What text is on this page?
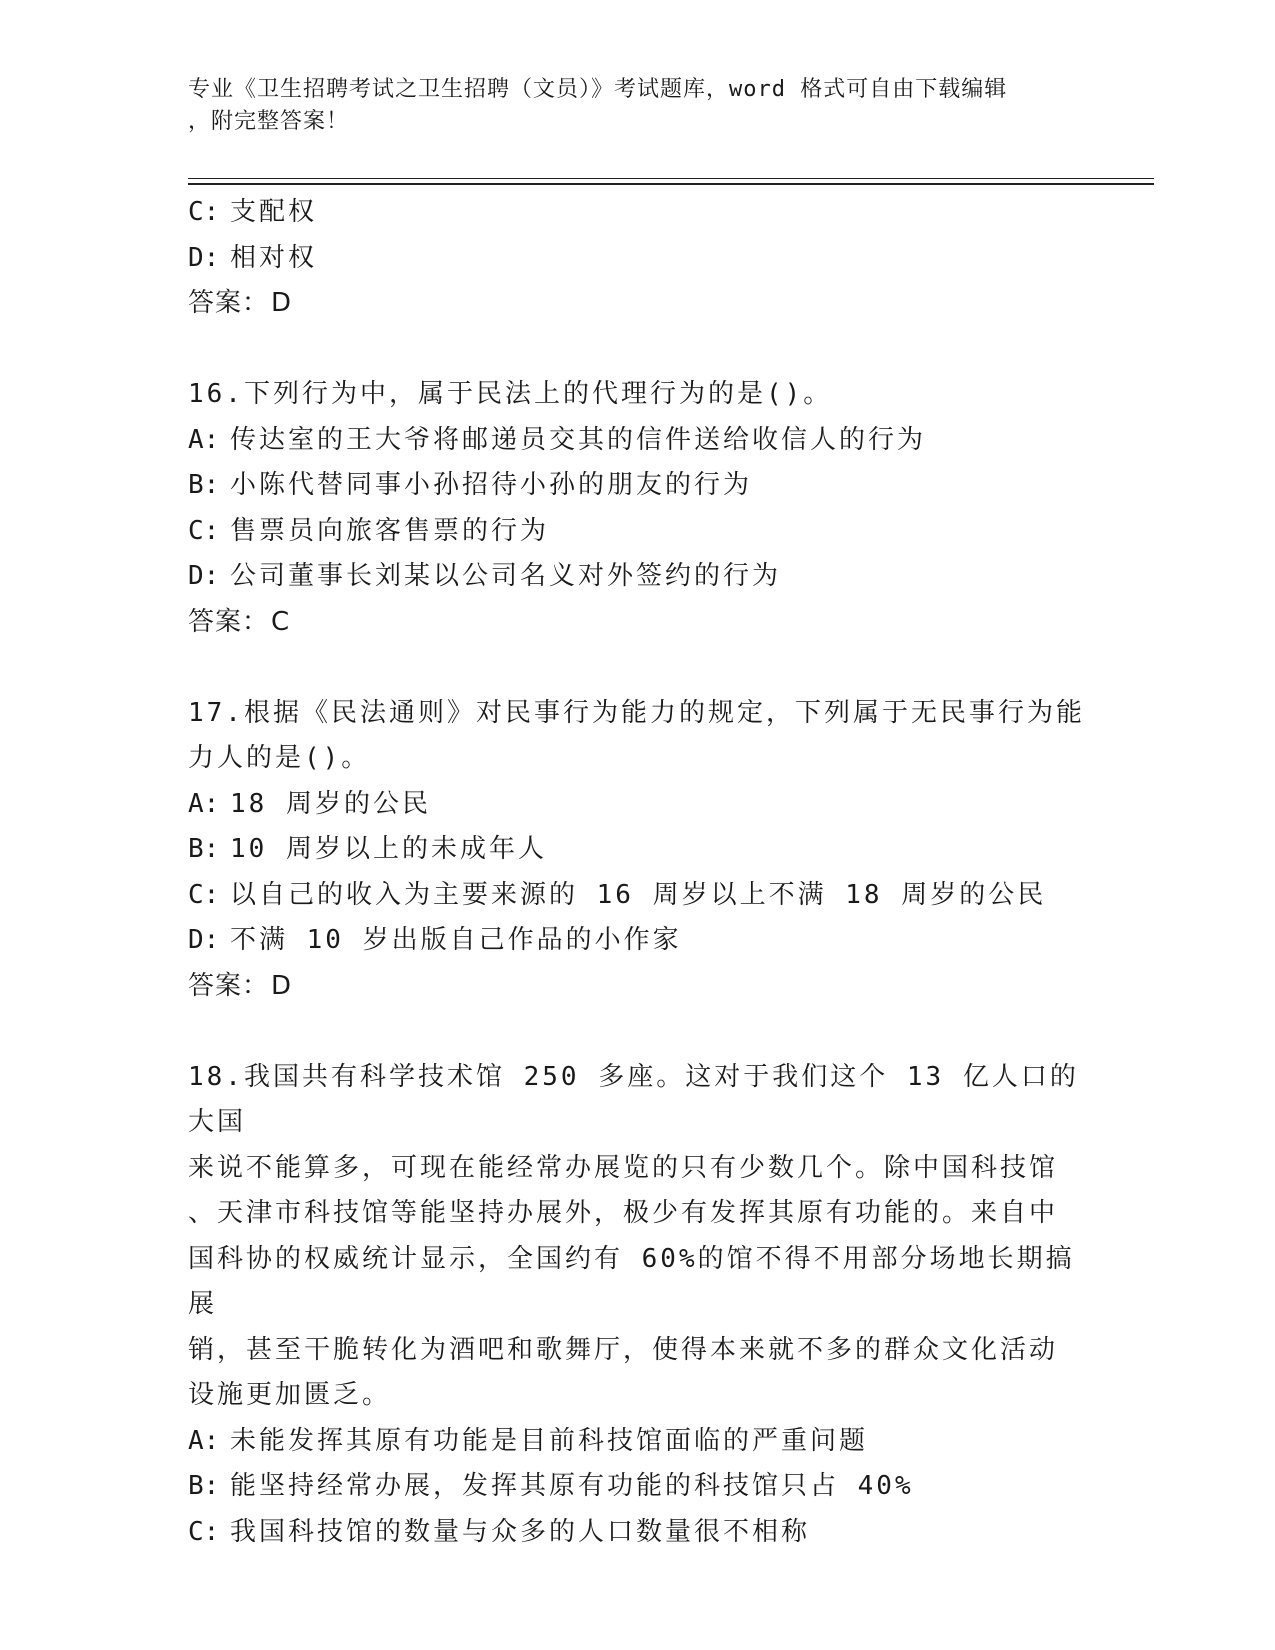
专业《卫生招聘考试之卫生招聘（文员）》考试题库，word 格式可自由下载编辑
，附完整答案！
C: 支配权
D: 相对权
答案：D
16.下列行为中，属于民法上的代理行为的是()。
A: 传达室的王大爷将邮递员交其的信件送给收信人的行为
B: 小陈代替同事小孙招待小孙的朋友的行为
C: 售票员向旅客售票的行为
D: 公司董事长刘某以公司名义对外签约的行为
答案：C
17.根据《民法通则》对民事行为能力的规定，下列属于无民事行为能
力人的是()。
A: 18 周岁的公民
B: 10 周岁以上的未成年人
C: 以自己的收入为主要来源的 16 周岁以上不满 18 周岁的公民
D: 不满 10 岁出版自己作品的小作家
答案：D
18.我国共有科学技术馆 250 多座。这对于我们这个 13 亿人口的大国
来说不能算多，可现在能经常办展览的只有少数几个。除中国科技馆
、天津市科技馆等能坚持办展外，极少有发挥其原有功能的。来自中
国科协的权威统计显示，全国约有 60%的馆不得不用部分场地长期搞展
销，甚至干脆转化为酒吧和歌舞厅，使得本来就不多的群众文化活动
设施更加匮乏。
A: 未能发挥其原有功能是目前科技馆面临的严重问题
B: 能坚持经常办展，发挥其原有功能的科技馆只占 40%
C: 我国科技馆的数量与众多的人口数量很不相称
